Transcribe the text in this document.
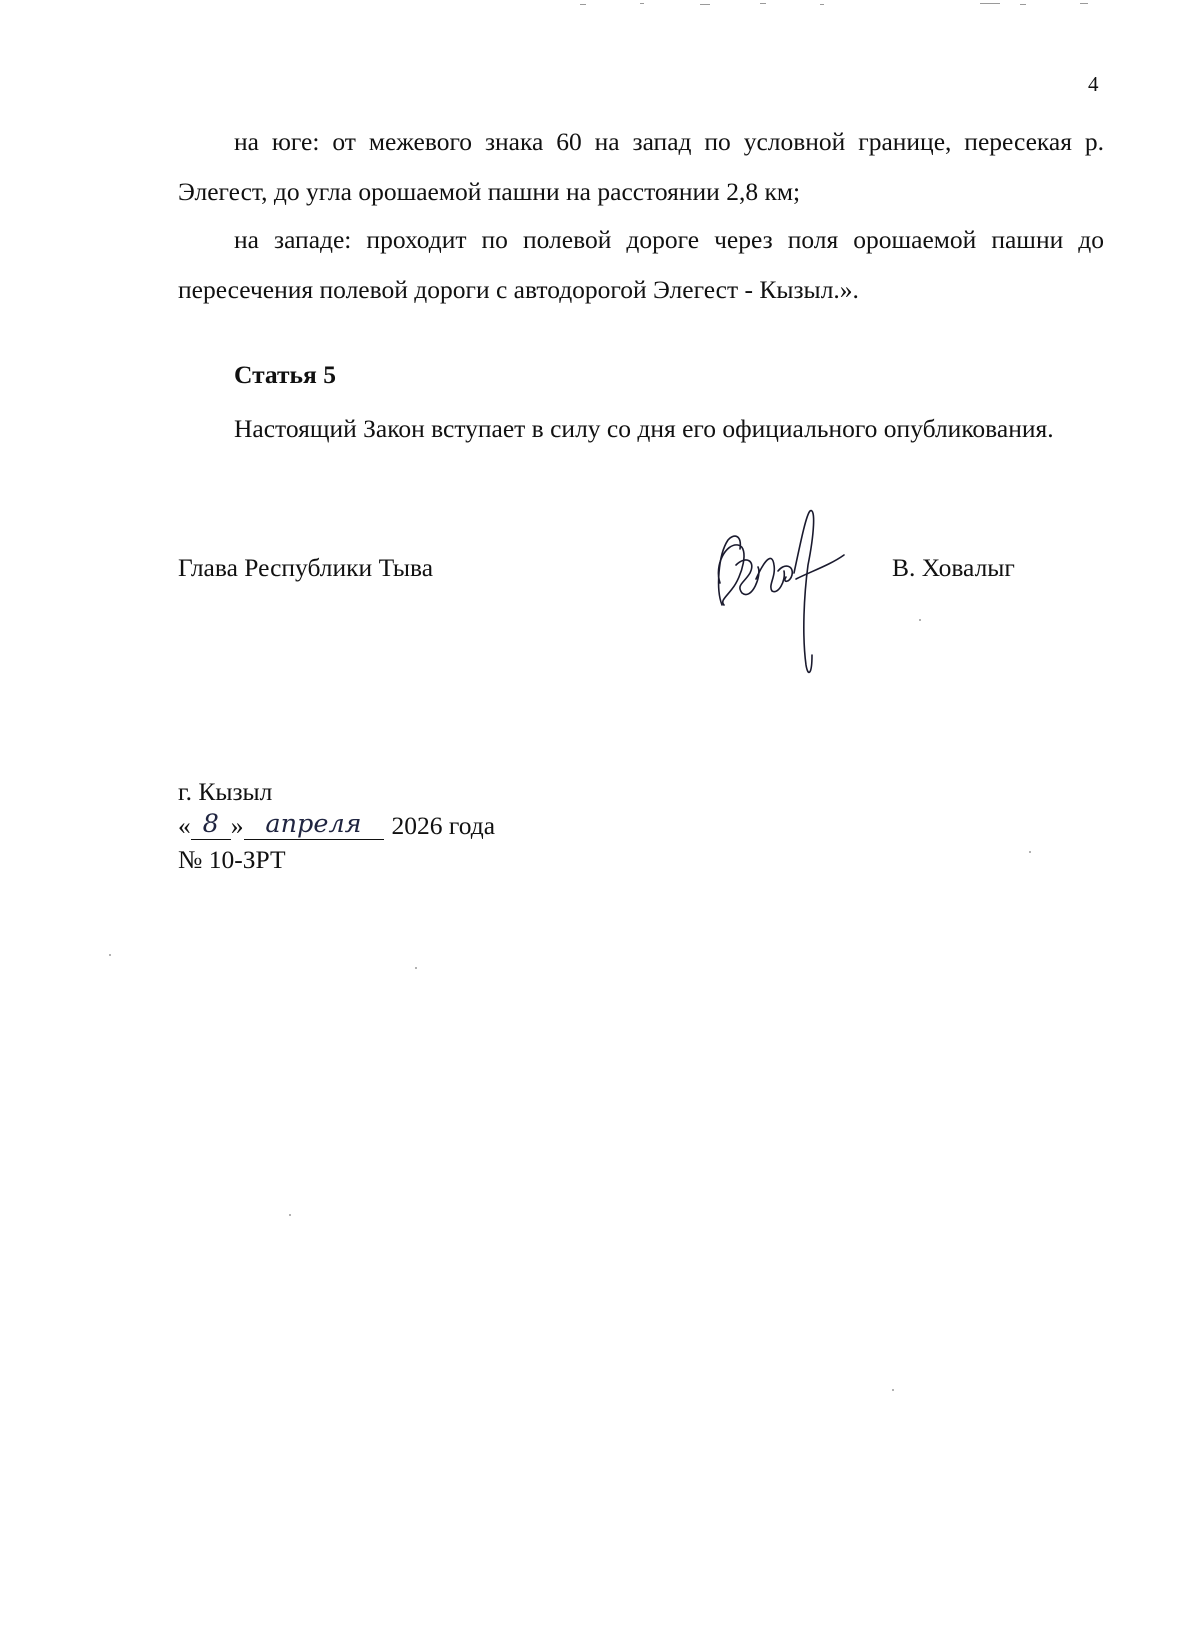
4

на юге: от межевого знака 60 на запад по условной границе, пересекая р. Элегест, до угла орошаемой пашни на расстоянии 2,8 км;

на западе: проходит по полевой дороге через поля орошаемой пашни до пересечения полевой дороги с автодорогой Элегест - Кызыл.».

Статья 5

Настоящий Закон вступает в силу со дня его официального опубликования.

Глава Республики Тыва	В. Ховалыг
г. Кызыл
« 8 » апреля 2026 года
№ 10-ЗРТ
